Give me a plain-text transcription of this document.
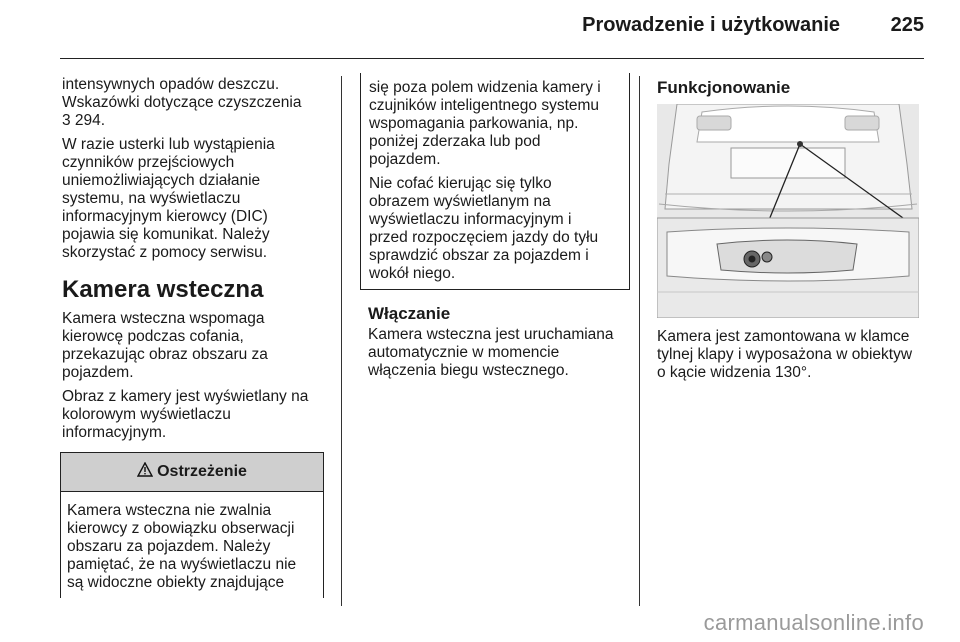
Prowadzenie i użytkowanie	225

intensywnych opadów deszczu.
Wskazówki dotyczące czyszczenia
3 294.

W razie usterki lub wystąpienia
czynników przejściowych
uniemożliwiających działanie
systemu, na wyświetlaczu
informacyjnym kierowcy (DIC)
pojawia się komunikat. Należy
skorzystać z pomocy serwisu.

Kamera wsteczna

Kamera wsteczna wspomaga
kierowcę podczas cofania,
przekazując obraz obszaru za
pojazdem.

Obraz z kamery jest wyświetlany na
kolorowym wyświetlaczu
informacyjnym.

Ostrzeżenie

Kamera wsteczna nie zwalnia
kierowcy z obowiązku obserwacji
obszaru za pojazdem. Należy
pamiętać, że na wyświetlaczu nie
są widoczne obiekty znajdujące

się poza polem widzenia kamery i
czujników inteligentnego systemu
wspomagania parkowania, np.
poniżej zderzaka lub pod
pojazdem.

Nie cofać kierując się tylko
obrazem wyświetlanym na
wyświetlaczu informacyjnym i
przed rozpoczęciem jazdy do tyłu
sprawdzić obszar za pojazdem i
wokół niego.

Włączanie

Kamera wsteczna jest uruchamiana
automatycznie w momencie
włączenia biegu wstecznego.

Funkcjonowanie

Kamera jest zamontowana w klamce
tylnej klapy i wyposażona w obiektyw
o kącie widzenia 130°.

carmanualsonline.info
